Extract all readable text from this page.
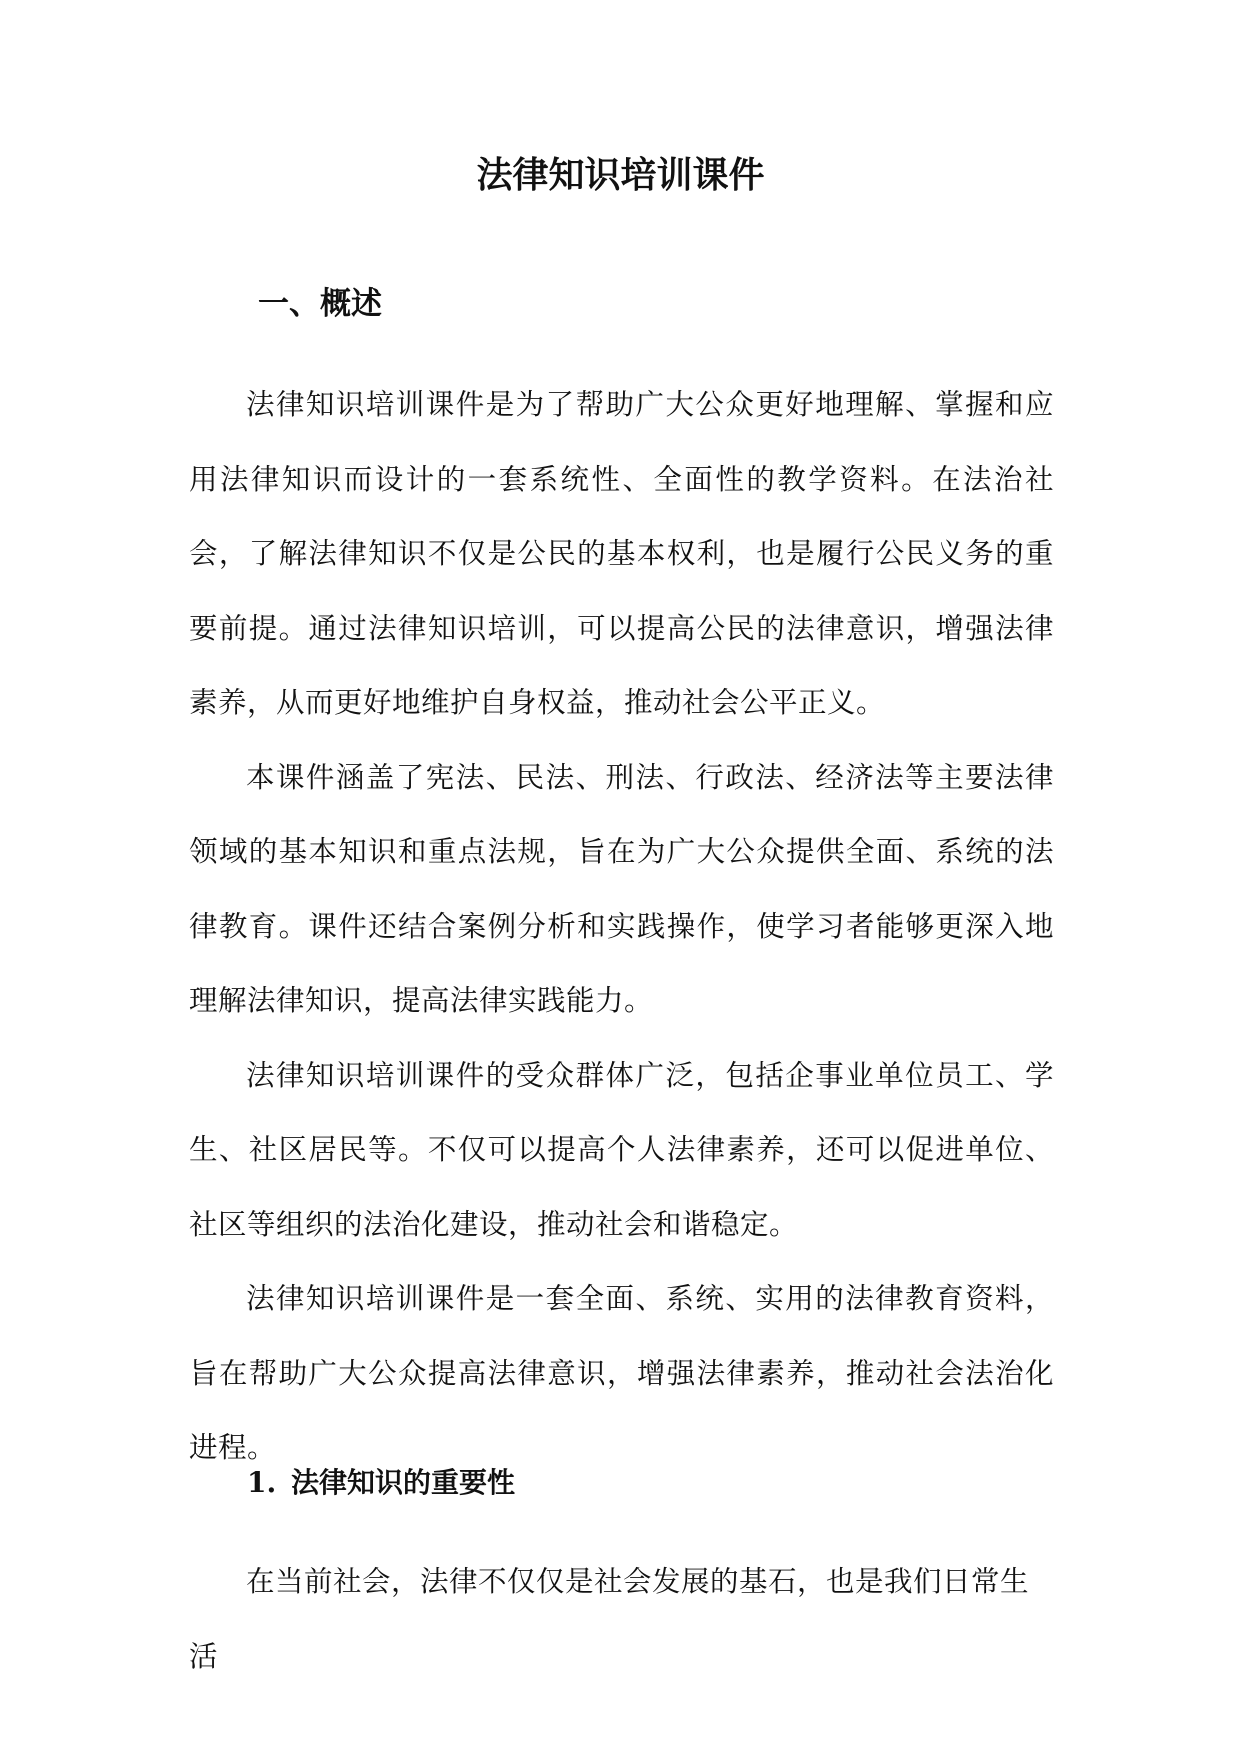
法律知识培训课件
一、概述

法律知识培训课件是为了帮助广大公众更好地理解、掌握和应用法律知识而设计的一套系统性、全面性的教学资料。在法治社会，了解法律知识不仅是公民的基本权利，也是履行公民义务的重要前提。通过法律知识培训，可以提高公民的法律意识，增强法律素养，从而更好地维护自身权益，推动社会公平正义。

本课件涵盖了宪法、民法、刑法、行政法、经济法等主要法律领域的基本知识和重点法规，旨在为广大公众提供全面、系统的法律教育。课件还结合案例分析和实践操作，使学习者能够更深入地理解法律知识，提高法律实践能力。

法律知识培训课件的受众群体广泛，包括企事业单位员工、学生、社区居民等。不仅可以提高个人法律素养，还可以促进单位、社区等组织的法治化建设，推动社会和谐稳定。

法律知识培训课件是一套全面、系统、实用的法律教育资料，旨在帮助广大公众提高法律意识，增强法律素养，推动社会法治化进程。

1. 法律知识的重要性

在当前社会，法律不仅仅是社会发展的基石，也是我们日常生活
